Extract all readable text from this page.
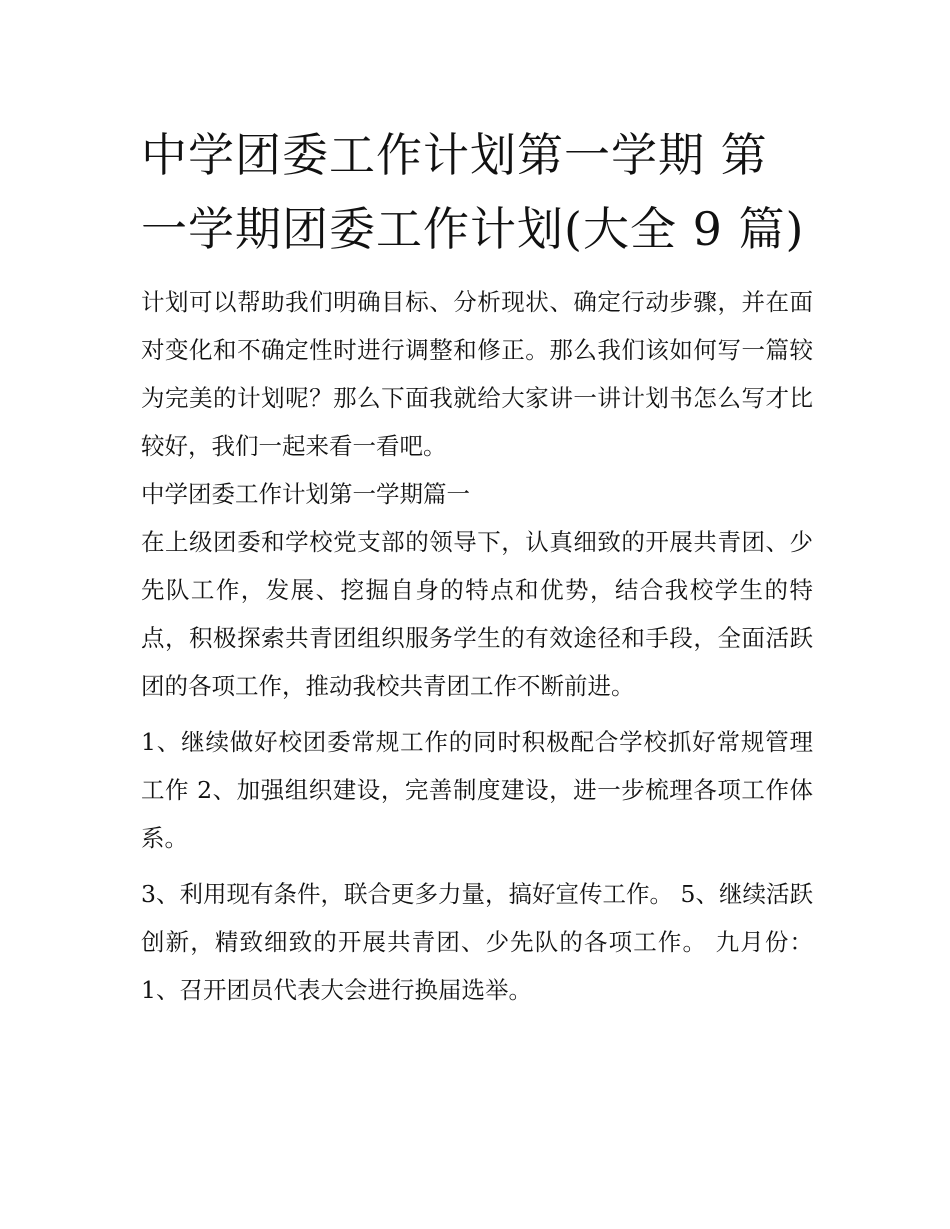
中学团委工作计划第一学期 第一学期团委工作计划(大全 9 篇)

计划可以帮助我们明确目标、分析现状、确定行动步骤，并在面对变化和不确定性时进行调整和修正。那么我们该如何写一篇较为完美的计划呢？那么下面我就给大家讲一讲计划书怎么写才比较好，我们一起来看一看吧。

中学团委工作计划第一学期篇一

在上级团委和学校党支部的领导下，认真细致的开展共青团、少先队工作，发展、挖掘自身的特点和优势，结合我校学生的特点，积极探索共青团组织服务学生的有效途径和手段，全面活跃团的各项工作，推动我校共青团工作不断前进。

1、继续做好校团委常规工作的同时积极配合学校抓好常规管理工作 2、加强组织建设，完善制度建设，进一步梳理各项工作体系。

3、利用现有条件，联合更多力量，搞好宣传工作。 5、继续活跃创新，精致细致的开展共青团、少先队的各项工作。 九月份： 1、召开团员代表大会进行换届选举。
